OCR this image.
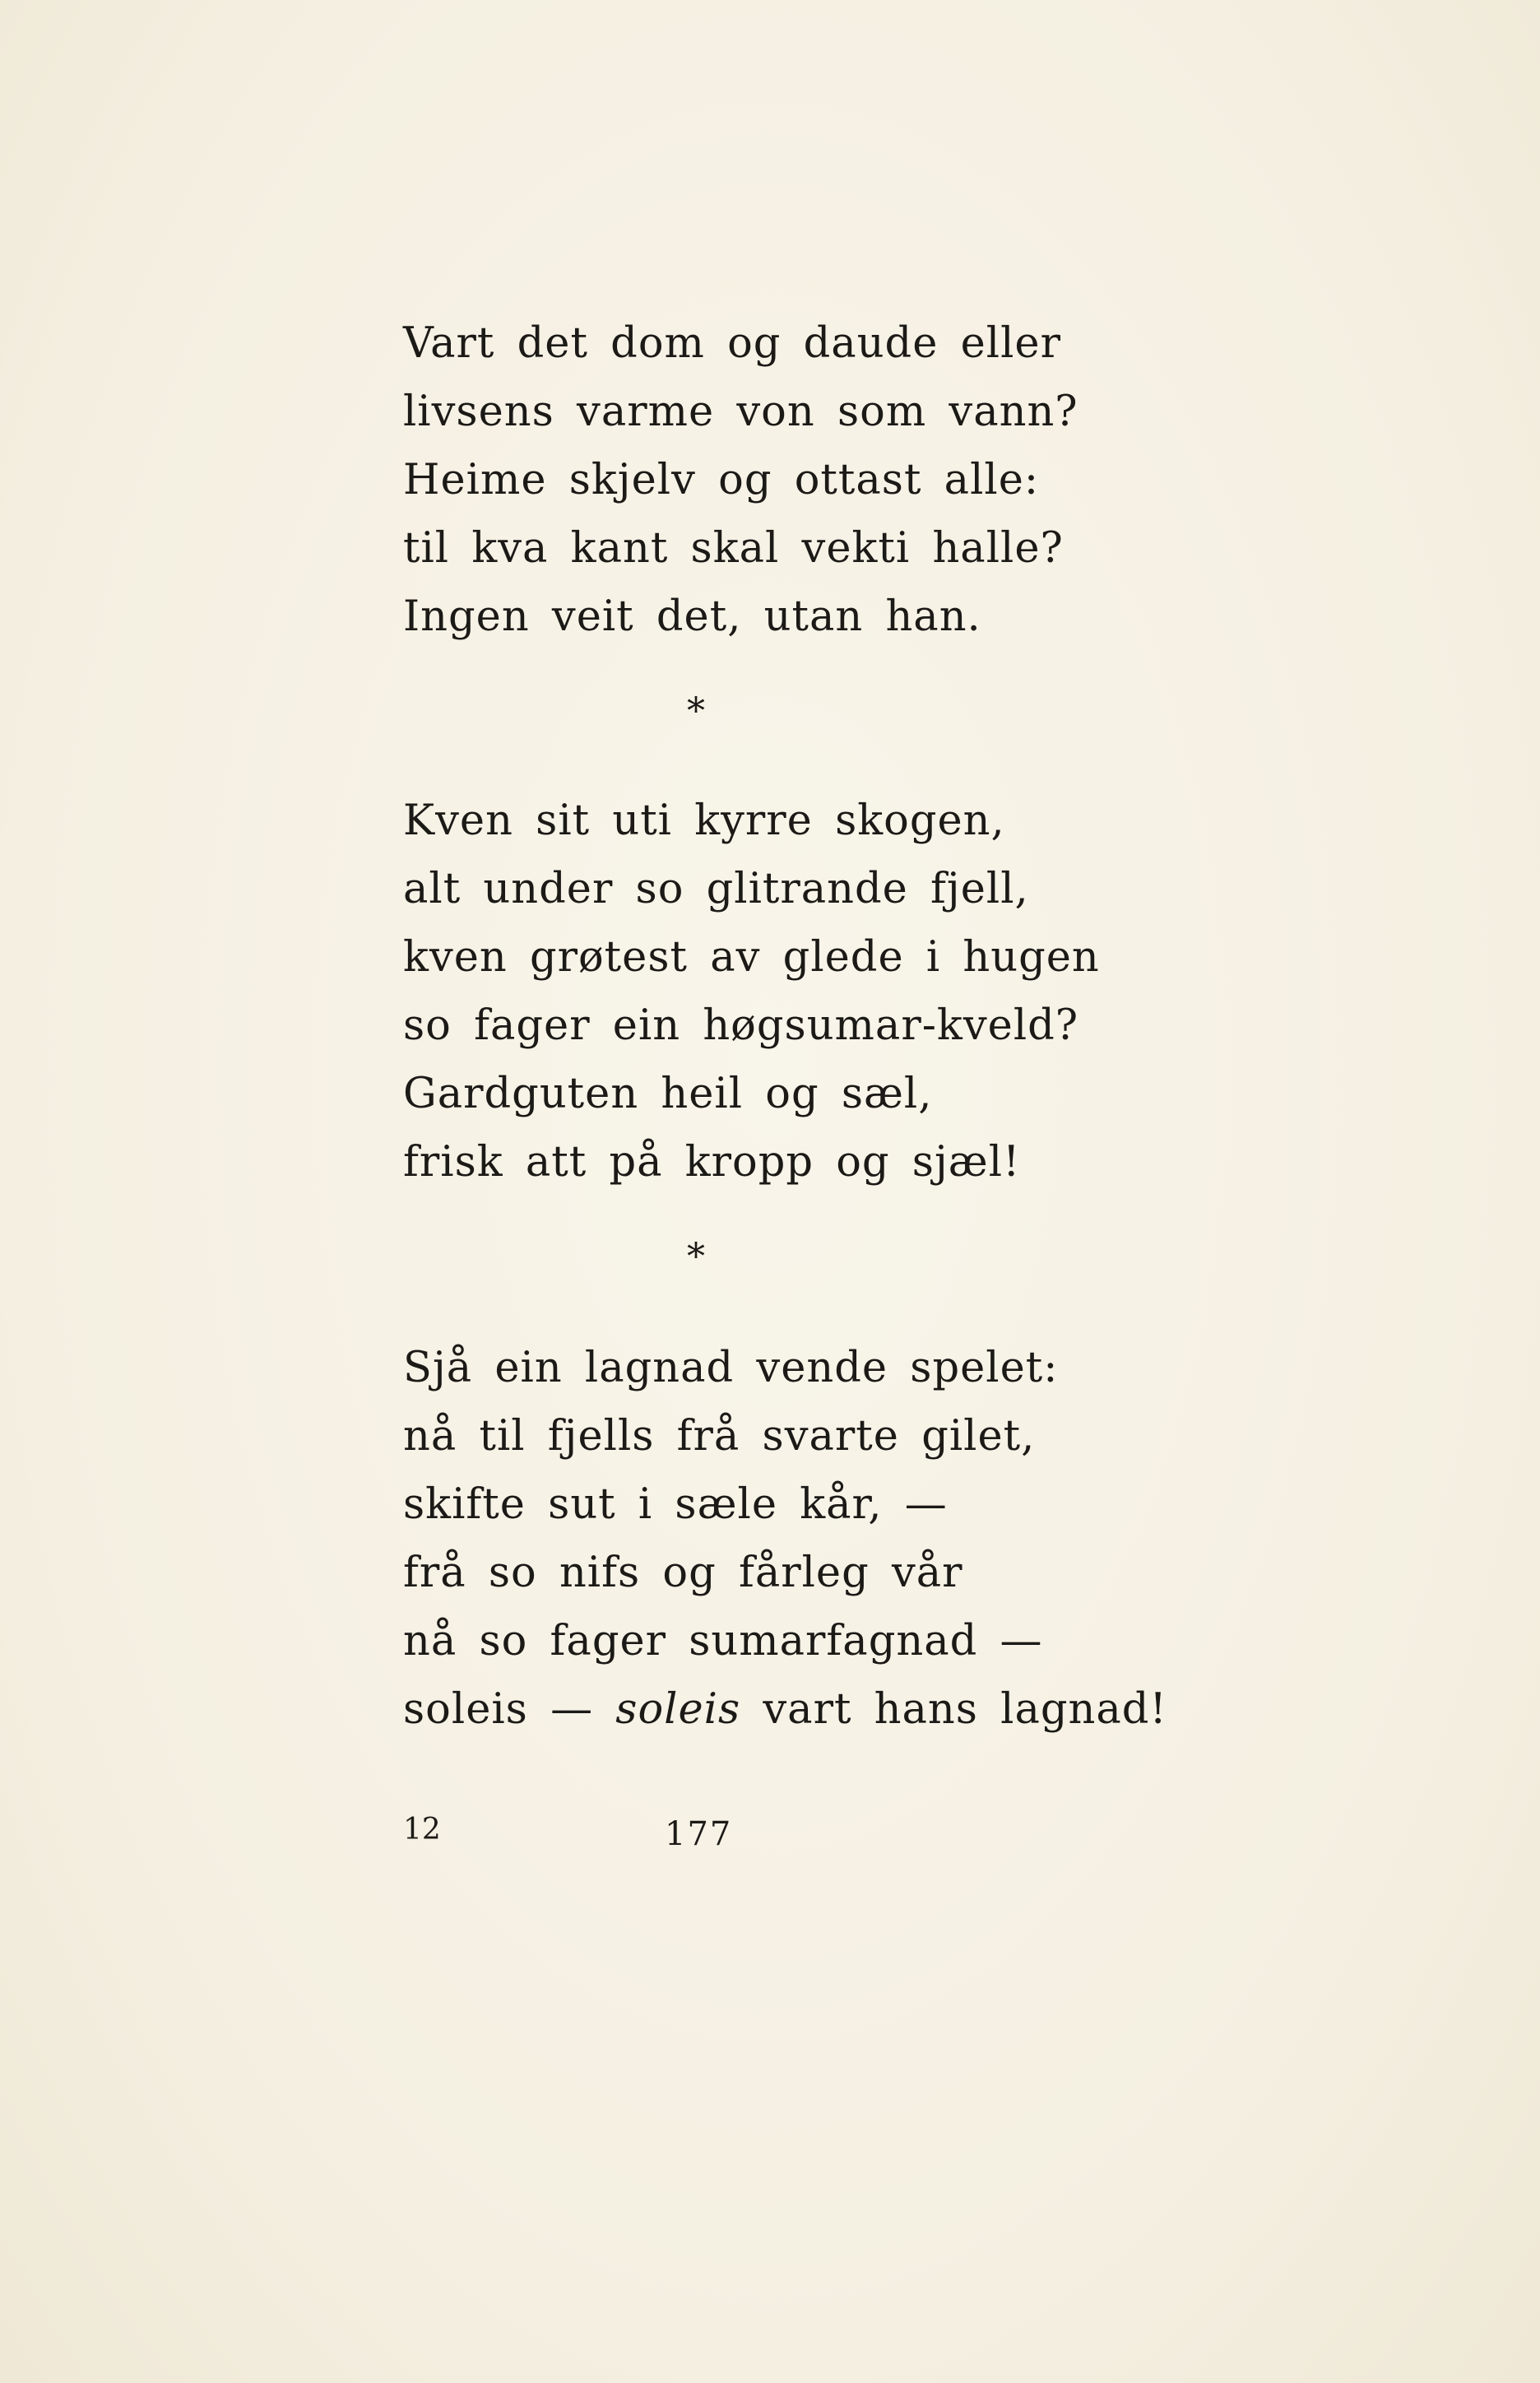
Vart det dom og daude eller
livsens varme von som vann?
Heime skjelv og ottast alle:
til kva kant skal vekti halle?
Ingen veit det, utan han.
*
Kven sit uti kyrre skogen,
alt under so glitrande fjell,
kven grøtest av glede i hugen
so fager ein høgsumar-kveld?
Gardguten heil og sæl,
frisk att på kropp og sjæl!
*
Sjå ein lagnad vende spelet:
nå til fjells frå svarte gilet,
skifte sut i sæle kår, —
frå so nifs og fårleg vår
nå so fager sumarfagnad —
soleis — soleis vart hans lagnad!
12	177
